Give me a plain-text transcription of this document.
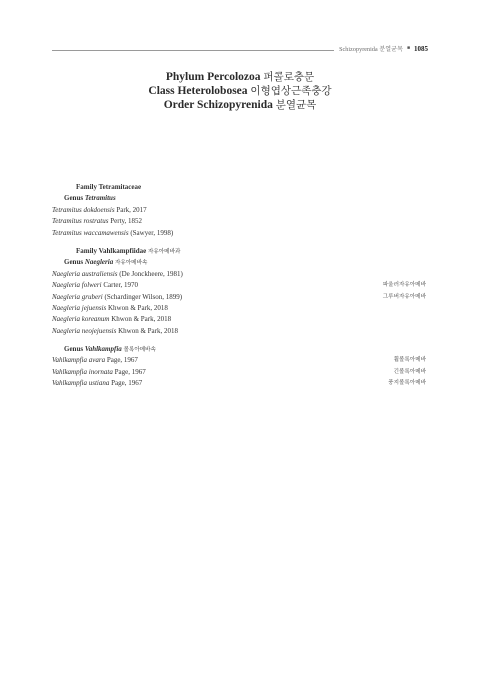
Schizopyrenida 분열균목 ■ 1085
Phylum Percolozoa 퍼콜로충문
Class Heterolobosea 이형엽상근족충강
Order Schizopyrenida 분열균목
Family Tetramitaceae
Genus Tetramitus
Tetramitus dokdoensis Park, 2017
Tetramitus rostratus Perty, 1852
Tetramitus waccamawensis (Sawyer, 1998)
Family Vahlkampfiidae 자유아메바과
Genus Naegleria 자유아메바속
Naegleria australiensis (De Jonckheere, 1981)
Naegleria folweri Carter, 1970	파울러자유아메바
Naegleria gruberi (Schardinger Wilson, 1899)	그루버자유아메바
Naegleria jejuensis Khwon & Park, 2018
Naegleria koreanum Khwon & Park, 2018
Naegleria neojejuensis Khwon & Park, 2018
Genus Vahlkampfia 볼록아메바속
Vahlkampfia avara Page, 1967	휩볼록아메바
Vahlkampfia inornata Page, 1967	긴볼록아메바
Vahlkampfia ustiana Page, 1967	풍지볼록아메바
